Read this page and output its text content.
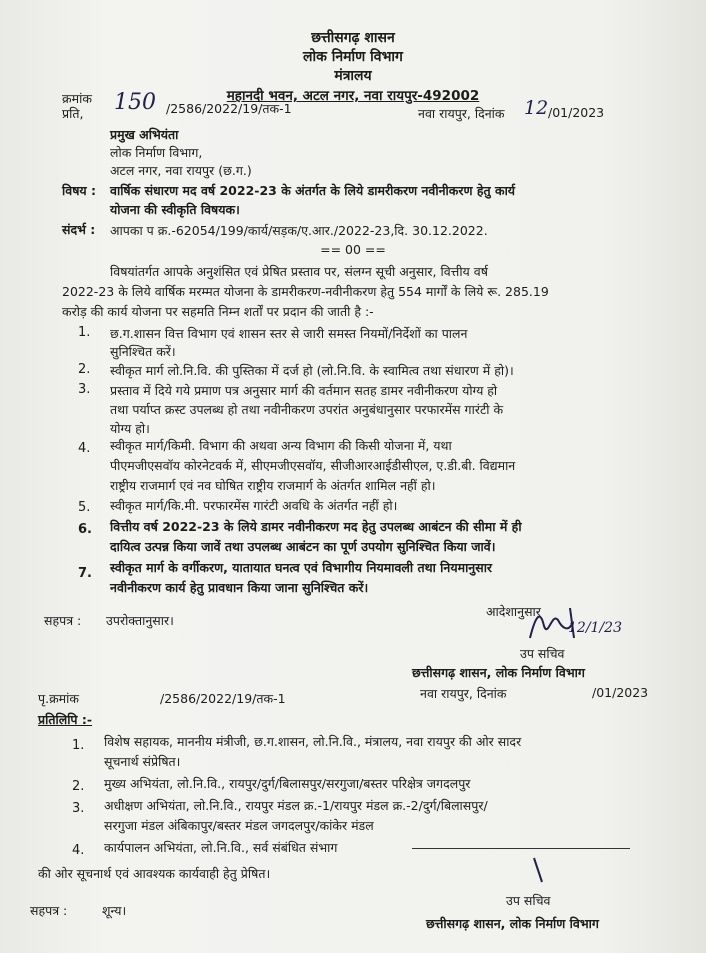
छत्तीसगढ़ शासन
लोक निर्माण विभाग
मंत्रालय
महानदी भवन, अटल नगर, नवा रायपुर-492002
क्रमांक
प्रति, 150 /2586/2022/19/तक-1	नवा रायपुर, दिनांक 12 /01/2023
प्रमुख अभियंता
लोक निर्माण विभाग,
अटल नगर, नवा रायपुर (छ.ग.)
विषय : वार्षिक संधारण मद वर्ष 2022-23 के अंतर्गत के लिये डामरीकरण नवीनीकरण हेतु कार्य
योजना की स्वीकृति विषयक।
संदर्भ : आपका प क्र.-62054/199/कार्य/सड़क/ए.आर./2022-23,दि. 30.12.2022.
== 00 ==
विषयांतर्गत आपके अनुशंसित एवं प्रेषित प्रस्ताव पर, संलग्न सूची अनुसार, वित्तीय वर्ष
2022-23 के लिये वार्षिक मरम्मत योजना के डामरीकरण-नवीनीकरण हेतु 554 मार्गों के लिये रू. 285.19
करोड़ की कार्य योजना पर सहमति निम्न शर्तों पर प्रदान की जाती है :-
1. छ.ग.शासन वित्त विभाग एवं शासन स्तर से जारी समस्त नियमों/निर्देशों का पालन
सुनिश्चित करें।
2. स्वीकृत मार्ग लो.नि.वि. की पुस्तिका में दर्ज हो (लो.नि.वि. के स्वामित्व तथा संधारण में हो)।
3. प्रस्ताव में दिये गये प्रमाण पत्र अनुसार मार्ग की वर्तमान सतह डामर नवीनीकरण योग्य हो
तथा पर्याप्त क्रस्ट उपलब्ध हो तथा नवीनीकरण उपरांत अनुबंधानुसार परफारमेंस गारंटी के
योग्य हो।
4. स्वीकृत मार्ग/किमी. विभाग की अथवा अन्य विभाग की किसी योजना में, यथा
पीएमजीएसवॉय कोरनेटवर्क में, सीएमजीएसवॉय, सीजीआरआईडीसीएल, ए.डी.बी. विद्यमान
राष्ट्रीय राजमार्ग एवं नव घोषित राष्ट्रीय राजमार्ग के अंतर्गत शामिल नहीं हो।
5. स्वीकृत मार्ग/कि.मी. परफारमेंस गारंटी अवधि के अंतर्गत नहीं हो।
6. वित्तीय वर्ष 2022-23 के लिये डामर नवीनीकरण मद हेतु उपलब्ध आबंटन की सीमा में ही
दायित्व उत्पन्न किया जावें तथा उपलब्ध आबंटन का पूर्ण उपयोग सुनिश्चित किया जावें।
7. स्वीकृत मार्ग के वर्गीकरण, यातायात घनत्व एवं विभागीय नियमावली तथा नियमानुसार
नवीनीकरण कार्य हेतु प्रावधान किया जाना सुनिश्चित करें।
सहपत्र : उपरोक्तानुसार।
आदेशानुसार
12/1/23
उप सचिव
छत्तीसगढ़ शासन, लोक निर्माण विभाग
नवा रायपुर, दिनांक	/01/2023
पृ.क्रमांक	/2586/2022/19/तक-1
प्रतिलिपि :-
1. विशेष सहायक, माननीय मंत्रीजी, छ.ग.शासन, लो.नि.वि., मंत्रालय, नवा रायपुर की ओर सादर
सूचनार्थ संप्रेषित।
2. मुख्य अभियंता, लो.नि.वि., रायपुर/दुर्ग/बिलासपुर/सरगुजा/बस्तर परिक्षेत्र जगदलपुर
3. अधीक्षण अभियंता, लो.नि.वि., रायपुर मंडल क्र.-1/रायपुर मंडल क्र.-2/दुर्ग/बिलासपुर/
सरगुजा मंडल अंबिकापुर/बस्तर मंडल जगदलपुर/कांकेर मंडल
4. कार्यपालन अभियंता, लो.नि.वि., सर्व संबंधित संभाग
की ओर सूचनार्थ एवं आवश्यक कार्यवाही हेतु प्रेषित।
उप सचिव
छत्तीसगढ़ शासन, लोक निर्माण विभाग
सहपत्र :	शून्य।
